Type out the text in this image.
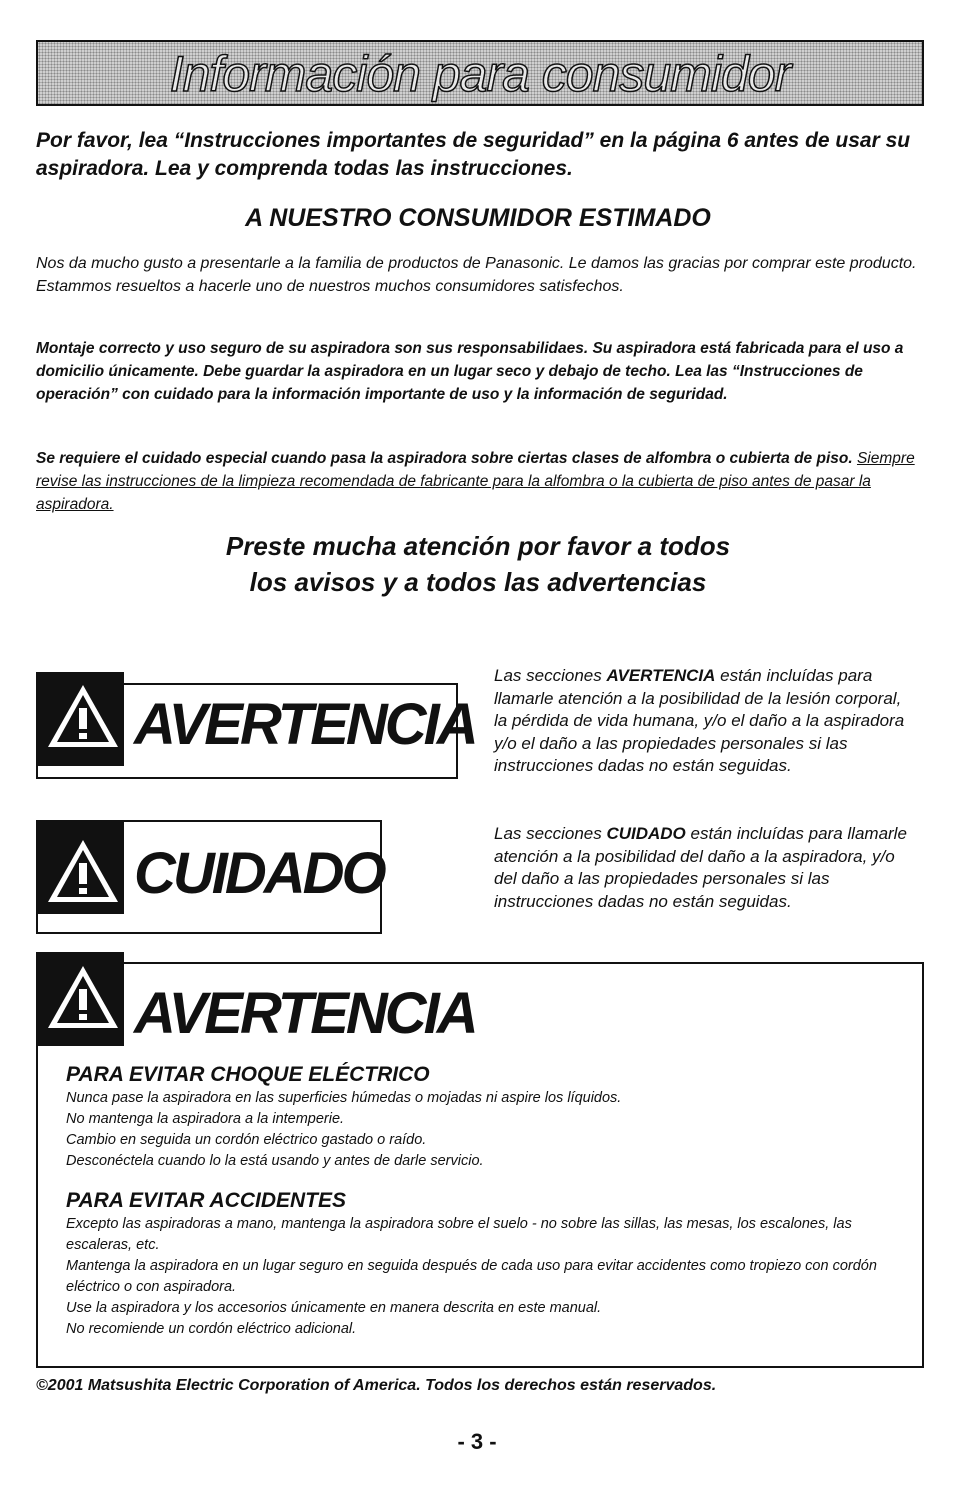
Información para consumidor

Por favor, lea “Instrucciones importantes de seguridad” en la página 6 antes de usar su aspiradora. Lea y comprenda todas las instrucciones.

A NUESTRO CONSUMIDOR ESTIMADO

Nos da mucho gusto a presentarle a la familia de productos de Panasonic. Le damos las gracias por comprar este producto. Estammos resueltos a hacerle uno de nuestros muchos consumidores satisfechos.

Montaje correcto y uso seguro de su aspiradora son sus responsabilidaes. Su aspiradora está fabricada para el uso a domicilio únicamente. Debe guardar la aspiradora en un lugar seco y debajo de techo. Lea las “Instrucciones de operación” con cuidado para la información importante de uso y la información de seguridad.

Se requiere el cuidado especial cuando pasa la aspiradora sobre ciertas clases de alfombra o cubierta de piso. Siempre revise las instrucciones de la limpieza recomendada de fabricante para la alfombra o la cubierta de piso antes de pasar la aspiradora.

Preste mucha atención por favor a todos
los avisos y a todos las advertencias
AVERTENCIA

Las secciones AVERTENCIA están incluídas para llamarle atención a la posibilidad de la lesión corporal, la pérdida de vida humana, y/o el daño a la aspiradora y/o el daño a las propiedades personales si las instrucciones dadas no están seguidas.

CUIDADO

Las secciones CUIDADO están incluídas para llamarle atención a la posibilidad del daño a la aspiradora, y/o del daño a las propiedades personales si las instrucciones dadas no están seguidas.

AVERTENCIA
PARA EVITAR CHOQUE ELÉCTRICO

Nunca pase la aspiradora en las superficies húmedas o mojadas ni aspire los líquidos.

No mantenga la aspiradora a la intemperie.

Cambio en seguida un cordón eléctrico gastado o raído.

Desconéctela cuando lo la está usando y antes de darle servicio.

PARA EVITAR ACCIDENTES

Excepto las aspiradoras a mano, mantenga la aspiradora sobre el suelo - no sobre las sillas, las mesas, los escalones, las escaleras, etc.

Mantenga la aspiradora en un lugar seguro en seguida después de cada uso para evitar accidentes como tropiezo con cordón eléctrico o con aspiradora.

Use la aspiradora y los accesorios únicamente en manera descrita en este manual.

No recomiende un cordón eléctrico adicional.

©2001 Matsushita Electric Corporation of America. Todos los derechos están reservados.

- 3 -
